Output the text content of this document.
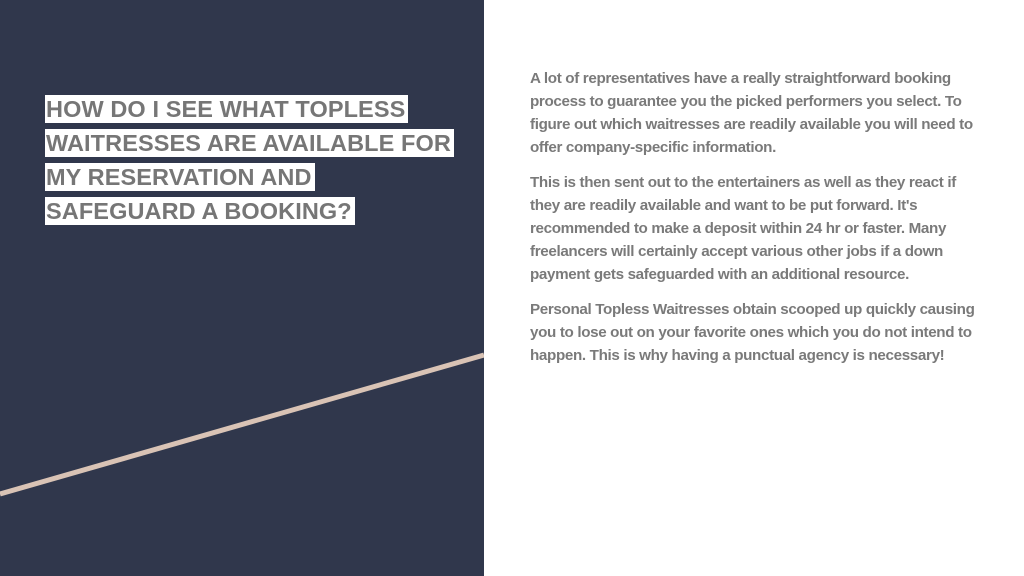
HOW DO I SEE WHAT TOPLESS WAITRESSES ARE AVAILABLE FOR MY RESERVATION AND SAFEGUARD A BOOKING?

A lot of representatives have a really straightforward booking process to guarantee you the picked performers you select. To figure out which waitresses are readily available you will need to offer company-specific information.

This is then sent out to the entertainers as well as they react if they are readily available and want to be put forward. It's recommended to make a deposit within 24 hr or faster. Many freelancers will certainly accept various other jobs if a down payment gets safeguarded with an additional resource.

Personal Topless Waitresses obtain scooped up quickly causing you to lose out on your favorite ones which you do not intend to happen. This is why having a punctual agency is necessary!
